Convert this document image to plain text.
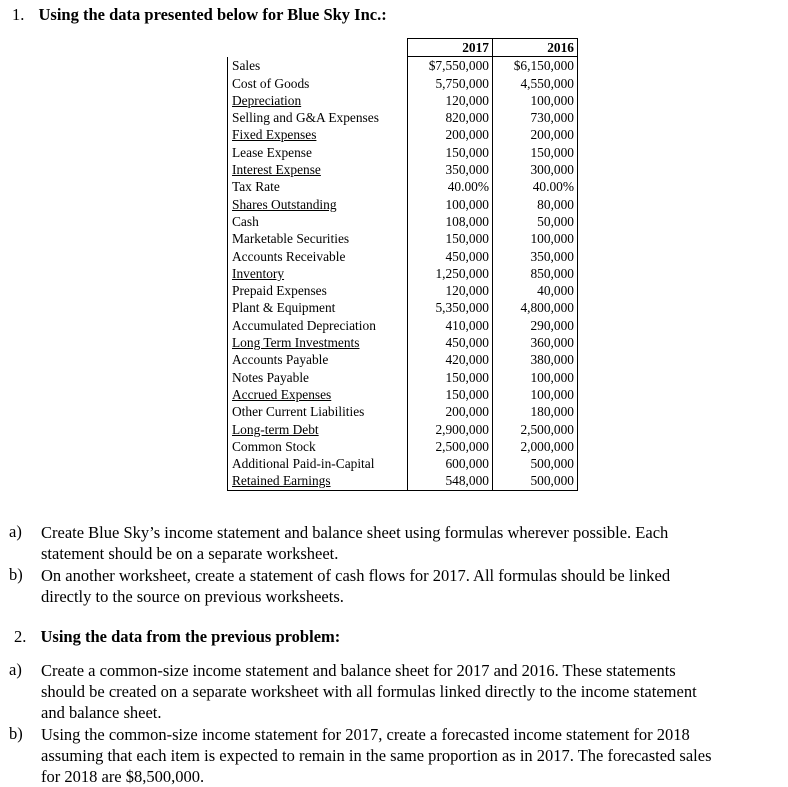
1. Using the data presented below for Blue Sky Inc.:
	2017	2016
Sales	$7,550,000	$6,150,000
Cost of Goods	5,750,000	4,550,000
Depreciation	120,000	100,000
Selling and G&A Expenses	820,000	730,000
Fixed Expenses	200,000	200,000
Lease Expense	150,000	150,000
Interest Expense	350,000	300,000
Tax Rate	40.00%	40.00%
Shares Outstanding	100,000	80,000
Cash	108,000	50,000
Marketable Securities	150,000	100,000
Accounts Receivable	450,000	350,000
Inventory	1,250,000	850,000
Prepaid Expenses	120,000	40,000
Plant & Equipment	5,350,000	4,800,000
Accumulated Depreciation	410,000	290,000
Long Term Investments	450,000	360,000
Accounts Payable	420,000	380,000
Notes Payable	150,000	100,000
Accrued Expenses	150,000	100,000
Other Current Liabilities	200,000	180,000
Long-term Debt	2,900,000	2,500,000
Common Stock	2,500,000	2,000,000
Additional Paid-in-Capital	600,000	500,000
Retained Earnings	548,000	500,000
a) Create Blue Sky’s income statement and balance sheet using formulas wherever possible. Each
statement should be on a separate worksheet.
b) On another worksheet, create a statement of cash flows for 2017. All formulas should be linked
directly to the source on previous worksheets.
2. Using the data from the previous problem:
a) Create a common-size income statement and balance sheet for 2017 and 2016. These statements
should be created on a separate worksheet with all formulas linked directly to the income statement
and balance sheet.
b) Using the common-size income statement for 2017, create a forecasted income statement for 2018
assuming that each item is expected to remain in the same proportion as in 2017. The forecasted sales
for 2018 are $8,500,000.
